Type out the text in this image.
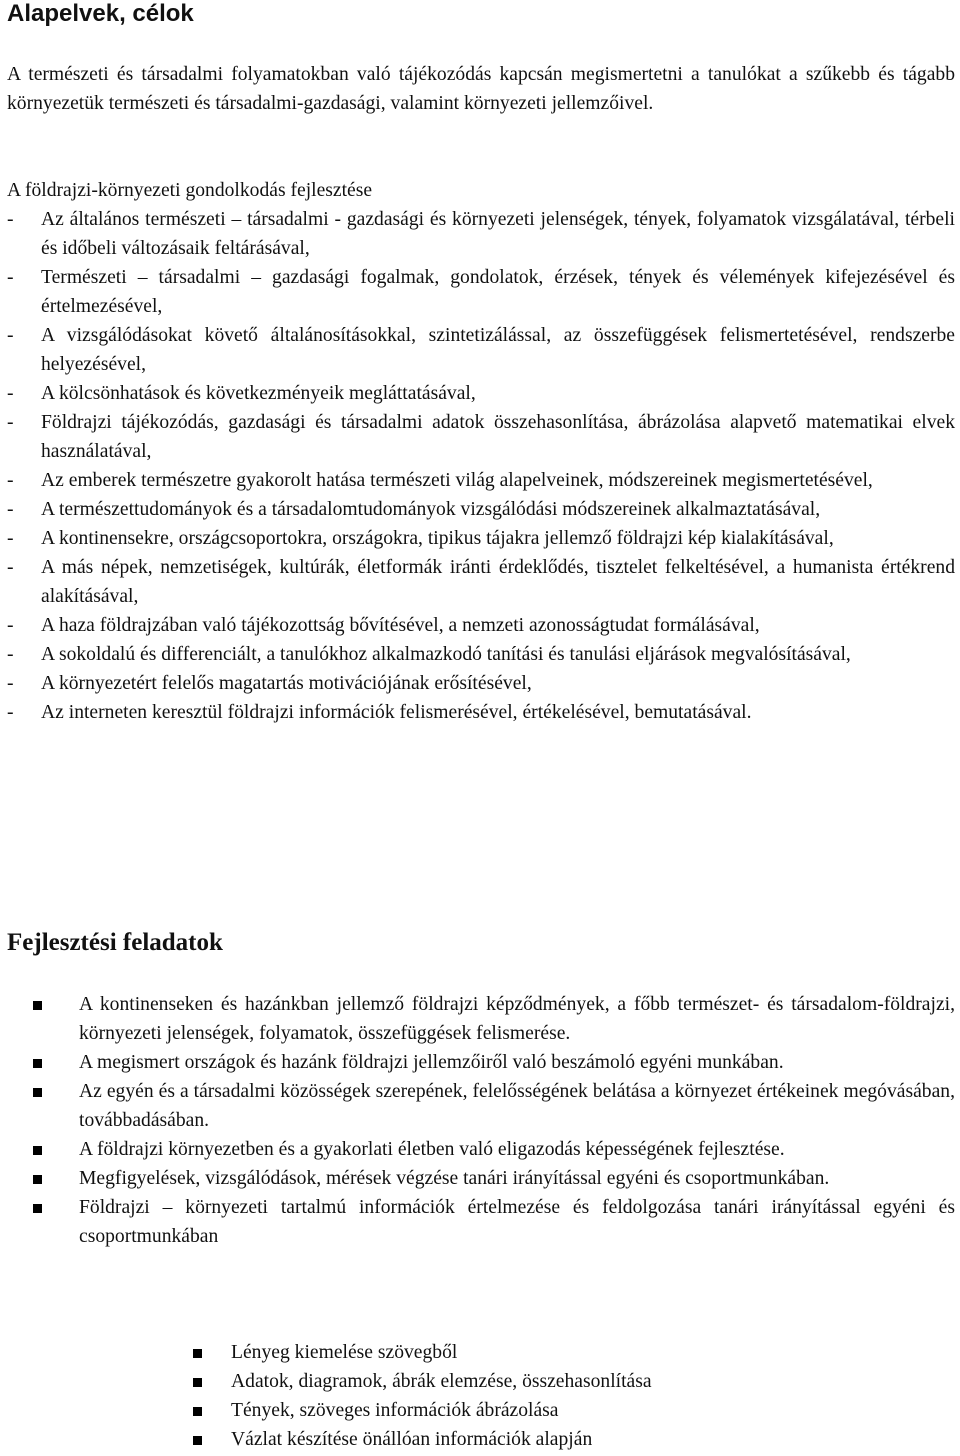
Alapelvek, célok

A természeti és társadalmi folyamatokban való tájékozódás kapcsán megismertetni a tanulókat a szűkebb és tágabb környezetük természeti és társadalmi-gazdasági, valamint környezeti jellemzőivel.

A földrajzi-környezeti gondolkodás fejlesztése

-	Az általános természeti – társadalmi - gazdasági és környezeti jelenségek, tények, folyamatok vizsgálatával, térbeli és időbeli változásaik feltárásával,
-	Természeti – társadalmi – gazdasági fogalmak, gondolatok, érzések, tények és vélemények kifejezésével és értelmezésével,
-	A vizsgálódásokat követő általánosításokkal, szintetizálással, az összefüggések felismertetésével, rendszerbe helyezésével,
-	A kölcsönhatások és következményeik megláttatásával,
-	Földrajzi tájékozódás, gazdasági és társadalmi adatok összehasonlítása, ábrázolása alapvető matematikai elvek használatával,
-	Az emberek természetre gyakorolt hatása természeti világ alapelveinek, módszereinek megismertetésével,
-	A természettudományok és a társadalomtudományok vizsgálódási módszereinek alkalmaztatásával,
-	A kontinensekre, országcsoportokra, országokra, tipikus tájakra jellemző földrajzi kép kialakításával,
-	A más népek, nemzetiségek, kultúrák, életformák iránti érdeklődés, tisztelet felkeltésével, a humanista értékrend alakításával,
-	A haza földrajzában való tájékozottság bővítésével, a nemzeti azonosságtudat formálásával,
-	A sokoldalú és differenciált, a tanulókhoz alkalmazkodó tanítási és tanulási eljárások megvalósításával,
-	A környezetért felelős magatartás motivációjának erősítésével,
-	Az interneten keresztül földrajzi információk felismerésével, értékelésével, bemutatásával.
Fejlesztési feladatok
A kontinenseken és hazánkban jellemző földrajzi képződmények, a főbb természet- és társadalom-földrajzi, környezeti jelenségek, folyamatok, összefüggések felismerése.
A megismert országok és hazánk földrajzi jellemzőiről való beszámoló egyéni munkában.
Az egyén és a társadalmi közösségek szerepének, felelősségének belátása a környezet értékeinek megóvásában, továbbadásában.
A földrajzi környezetben és a gyakorlati életben való eligazodás képességének fejlesztése.
Megfigyelések, vizsgálódások, mérések végzése tanári irányítással egyéni és csoportmunkában.
Földrajzi – környezeti tartalmú információk értelmezése és feldolgozása tanári irányítással egyéni és csoportmunkában
Lényeg kiemelése szövegből
Adatok, diagramok, ábrák elemzése, összehasonlítása
Tények, szöveges információk ábrázolása
Vázlat készítése önállóan információk alapján
